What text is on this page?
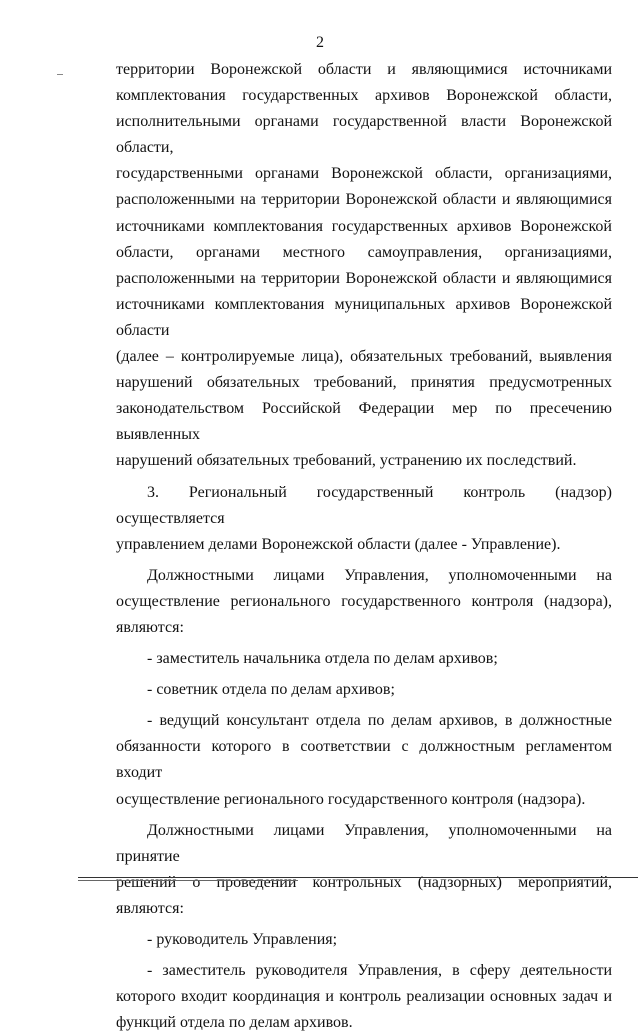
2
территории Воронежской области и являющимися источниками
комплектования государственных архивов Воронежской области,
исполнительными органами государственной власти Воронежской области,
государственными органами Воронежской области, организациями,
расположенными на территории Воронежской области и являющимися
источниками комплектования государственных архивов Воронежской
области, органами местного самоуправления, организациями,
расположенными на территории Воронежской области и являющимися
источниками комплектования муниципальных архивов Воронежской области
(далее – контролируемые лица), обязательных требований, выявления
нарушений обязательных требований, принятия предусмотренных
законодательством Российской Федерации мер по пресечению выявленных
нарушений обязательных требований, устранению их последствий.
3. Региональный государственный контроль (надзор) осуществляется
управлением делами Воронежской области (далее - Управление).
Должностными лицами Управления, уполномоченными на
осуществление регионального государственного контроля (надзора),
являются:
- заместитель начальника отдела по делам архивов;
- советник отдела по делам архивов;
- ведущий консультант отдела по делам архивов, в должностные
обязанности которого в соответствии с должностным регламентом входит
осуществление регионального государственного контроля (надзора).
Должностными лицами Управления, уполномоченными на принятие
решений о проведении контрольных (надзорных) мероприятий, являются:
- руководитель Управления;
- заместитель руководителя Управления, в сферу деятельности
которого входит координация и контроль реализации основных задач и
функций отдела по делам архивов.
